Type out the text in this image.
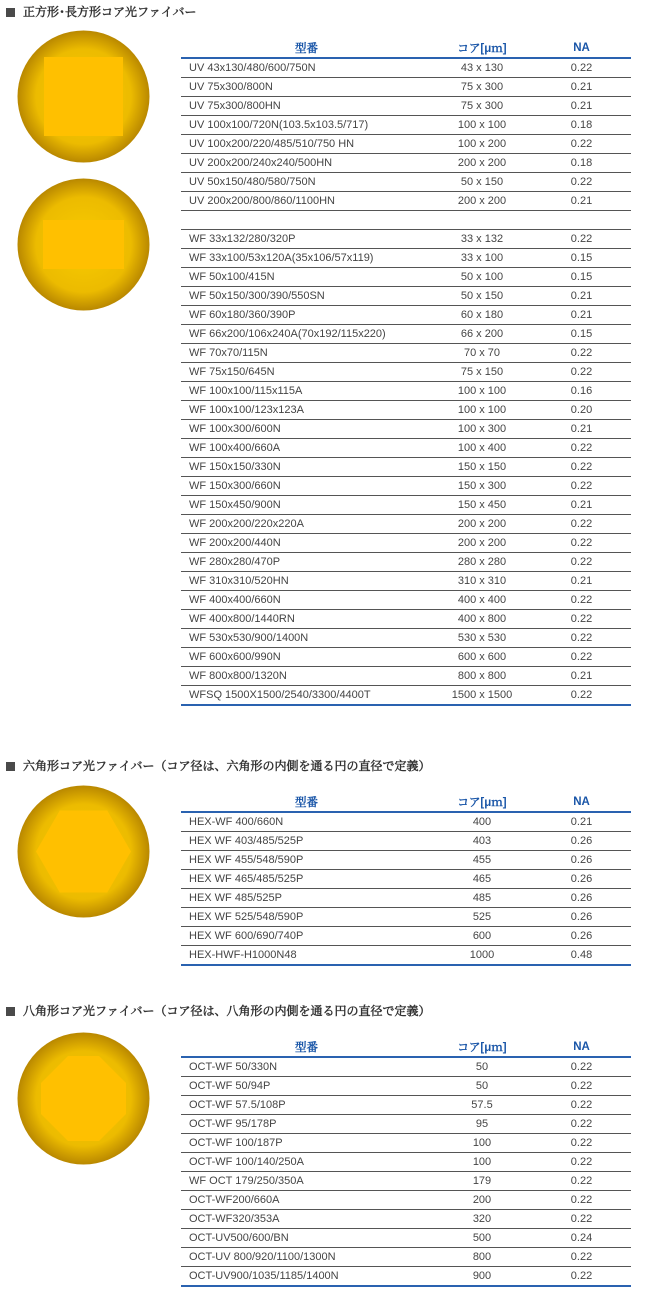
正方形･長方形コア光ファイバー
型番	コア[μｍ]	NA
UV 43x130/480/600/750N	43 x 130	0.22
UV 75x300/800N	75 x 300	0.21
UV 75x300/800HN	75 x 300	0.21
UV 100x100/720N(103.5x103.5/717)	100 x 100	0.18
UV 100x200/220/485/510/750 HN	100 x 200	0.22
UV 200x200/240x240/500HN	200 x 200	0.18
UV 50x150/480/580/750N	50 x 150	0.22
UV 200x200/800/860/1100HN	200 x 200	0.21

WF 33x132/280/320P	33 x 132	0.22
WF 33x100/53x120A(35x106/57x119)	33 x 100	0.15
WF 50x100/415N	50 x 100	0.15
WF 50x150/300/390/550SN	50 x 150	0.21
WF 60x180/360/390P	60 x 180	0.21
WF 66x200/106x240A(70x192/115x220)	66 x 200	0.15
WF 70x70/115N	70 x 70	0.22
WF 75x150/645N	75 x 150	0.22
WF 100x100/115x115A	100 x 100	0.16
WF 100x100/123x123A	100 x 100	0.20
WF 100x300/600N	100 x 300	0.21
WF 100x400/660A	100 x 400	0.22
WF 150x150/330N	150 x 150	0.22
WF 150x300/660N	150 x 300	0.22
WF 150x450/900N	150 x 450	0.21
WF 200x200/220x220A	200 x 200	0.22
WF 200x200/440N	200 x 200	0.22
WF 280x280/470P	280 x 280	0.22
WF 310x310/520HN	310 x 310	0.21
WF 400x400/660N	400 x 400	0.22
WF 400x800/1440RN	400 x 800	0.22
WF 530x530/900/1400N	530 x 530	0.22
WF 600x600/990N	600 x 600	0.22
WF 800x800/1320N	800 x 800	0.21
WFSQ 1500X1500/2540/3300/4400T	1500 x 1500	0.22
六角形コア光ファイバー（コア径は、六角形の内側を通る円の直径で定義）
型番	コア[μｍ]	NA
HEX-WF 400/660N	400	0.21
HEX WF 403/485/525P	403	0.26
HEX WF 455/548/590P	455	0.26
HEX WF 465/485/525P	465	0.26
HEX WF 485/525P	485	0.26
HEX WF 525/548/590P	525	0.26
HEX WF 600/690/740P	600	0.26
HEX-HWF-H1000N48	1000	0.48
八角形コア光ファイバー（コア径は、八角形の内側を通る円の直径で定義）
型番	コア[μｍ]	NA
OCT-WF 50/330N	50	0.22
OCT-WF 50/94P	50	0.22
OCT-WF 57.5/108P	57.5	0.22
OCT-WF 95/178P	95	0.22
OCT-WF 100/187P	100	0.22
OCT-WF 100/140/250A	100	0.22
WF OCT 179/250/350A	179	0.22
OCT-WF200/660A	200	0.22
OCT-WF320/353A	320	0.22
OCT-UV500/600/BN	500	0.24
OCT-UV 800/920/1100/1300N	800	0.22
OCT-UV900/1035/1185/1400N	900	0.22
